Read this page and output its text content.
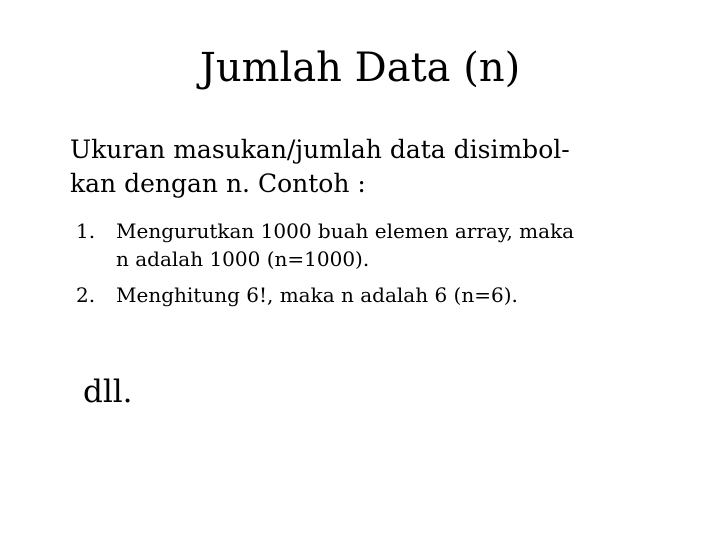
Jumlah Data (n)

Ukuran masukan/jumlah data disimbol-
kan dengan n. Contoh :

1. Mengurutkan 1000 buah elemen array, maka
n adalah 1000 (n=1000).
2. Menghitung 6!, maka n adalah 6 (n=6).

dll.
